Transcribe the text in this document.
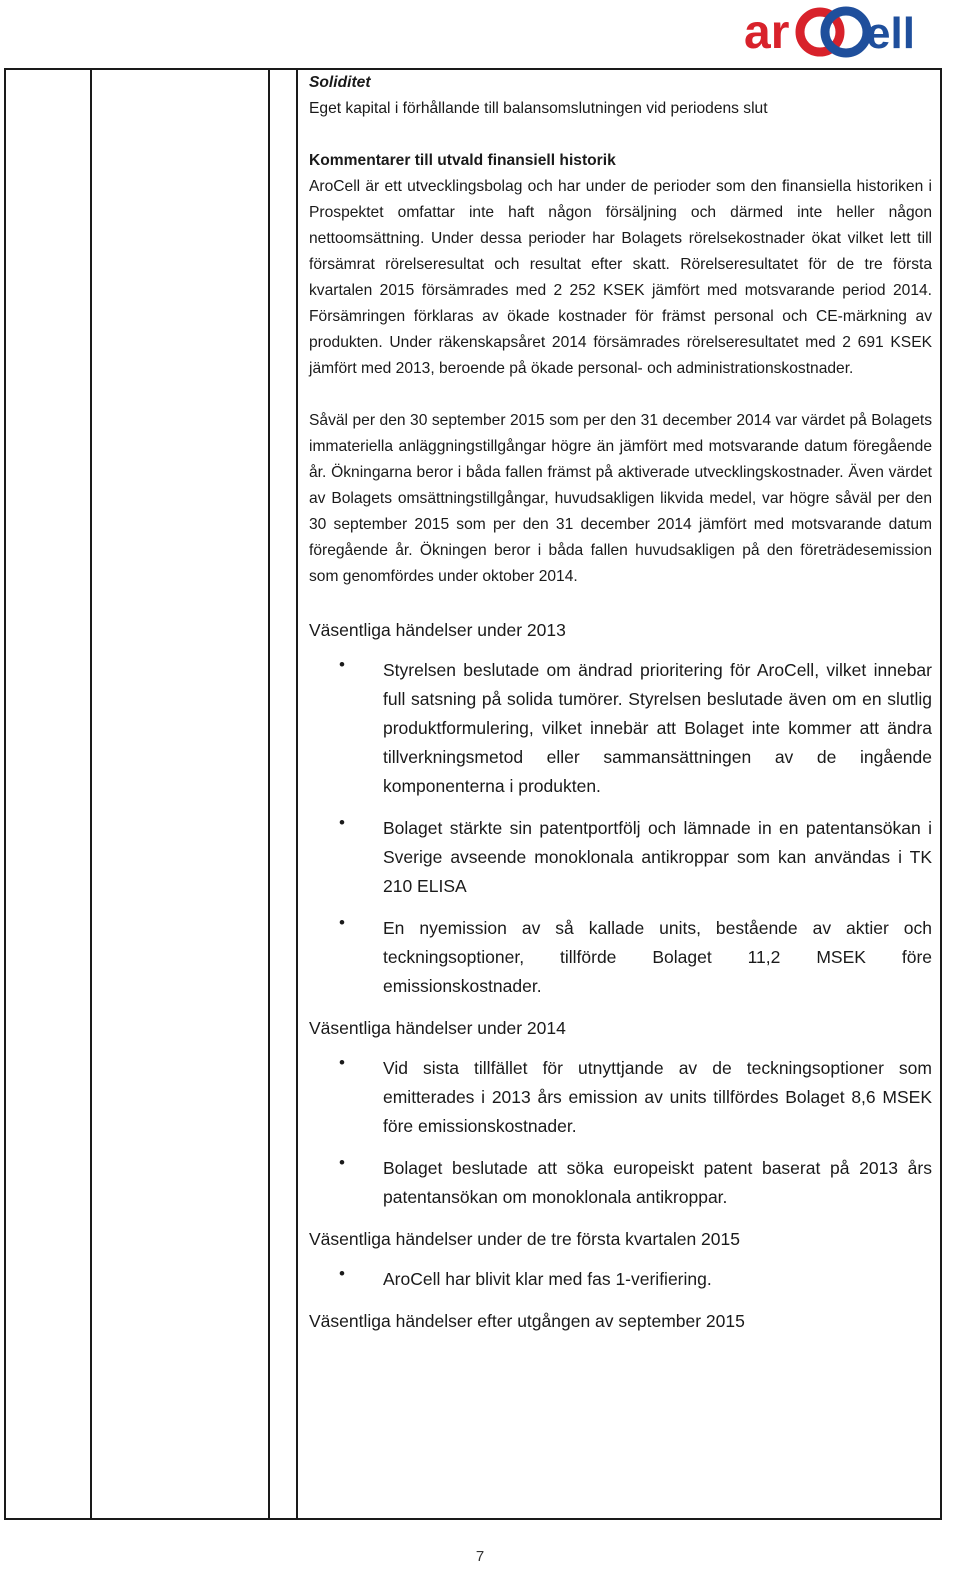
ar ell

Soliditet

Eget kapital i förhållande till balansomslutningen vid periodens slut

Kommentarer till utvald finansiell historik

AroCell är ett utvecklingsbolag och har under de perioder som den finansiella historiken i Prospektet omfattar inte haft någon försäljning och därmed inte heller någon nettoomsättning. Under dessa perioder har Bolagets rörelsekostnader ökat vilket lett till försämrat rörelseresultat och resultat efter skatt. Rörelseresultatet för de tre första kvartalen 2015 försämrades med 2 252 KSEK jämfört med motsvarande period 2014. Försämringen förklaras av ökade kostnader för främst personal och CE-märkning av produkten. Under räkenskapsåret 2014 försämrades rörelseresultatet med 2 691 KSEK jämfört med 2013, beroende på ökade personal- och administrationskostnader.

Såväl per den 30 september 2015 som per den 31 december 2014 var värdet på Bolagets immateriella anläggningstillgångar högre än jämfört med motsvarande datum föregående år. Ökningarna beror i båda fallen främst på aktiverade utvecklingskostnader. Även värdet av Bolagets omsättningstillgångar, huvudsakligen likvida medel, var högre såväl per den 30 september 2015 som per den 31 december 2014 jämfört med motsvarande datum föregående år. Ökningen beror i båda fallen huvudsakligen på den företrädesemission som genomfördes under oktober 2014.

Väsentliga händelser under 2013

• Styrelsen beslutade om ändrad prioritering för AroCell, vilket innebar full satsning på solida tumörer. Styrelsen beslutade även om en slutlig produktformulering, vilket innebär att Bolaget inte kommer att ändra tillverkningsmetod eller sammansättningen av de ingående komponenterna i produkten.
• Bolaget stärkte sin patentportfölj och lämnade in en patentansökan i Sverige avseende monoklonala antikroppar som kan användas i TK 210 ELISA
• En nyemission av så kallade units, bestående av aktier och teckningsoptioner, tillförde Bolaget 11,2 MSEK före emissionskostnader.

Väsentliga händelser under 2014

• Vid sista tillfället för utnyttjande av de teckningsoptioner som emitterades i 2013 års emission av units tillfördes Bolaget 8,6 MSEK före emissionskostnader.
• Bolaget beslutade att söka europeiskt patent baserat på 2013 års patentansökan om monoklonala antikroppar.

Väsentliga händelser under de tre första kvartalen 2015

• AroCell har blivit klar med fas 1-verifiering.

Väsentliga händelser efter utgången av september 2015

7
